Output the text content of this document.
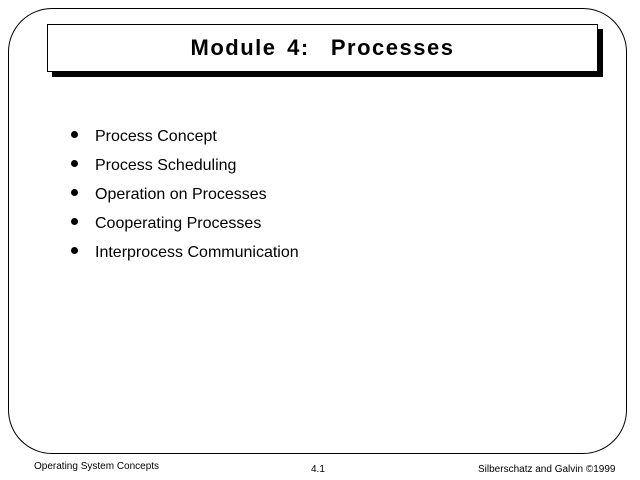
Module 4:  Processes
Process Concept
Process Scheduling
Operation on Processes
Cooperating Processes
Interprocess Communication
Operating System Concepts	4.1	Silberschatz and Galvin ©1999
